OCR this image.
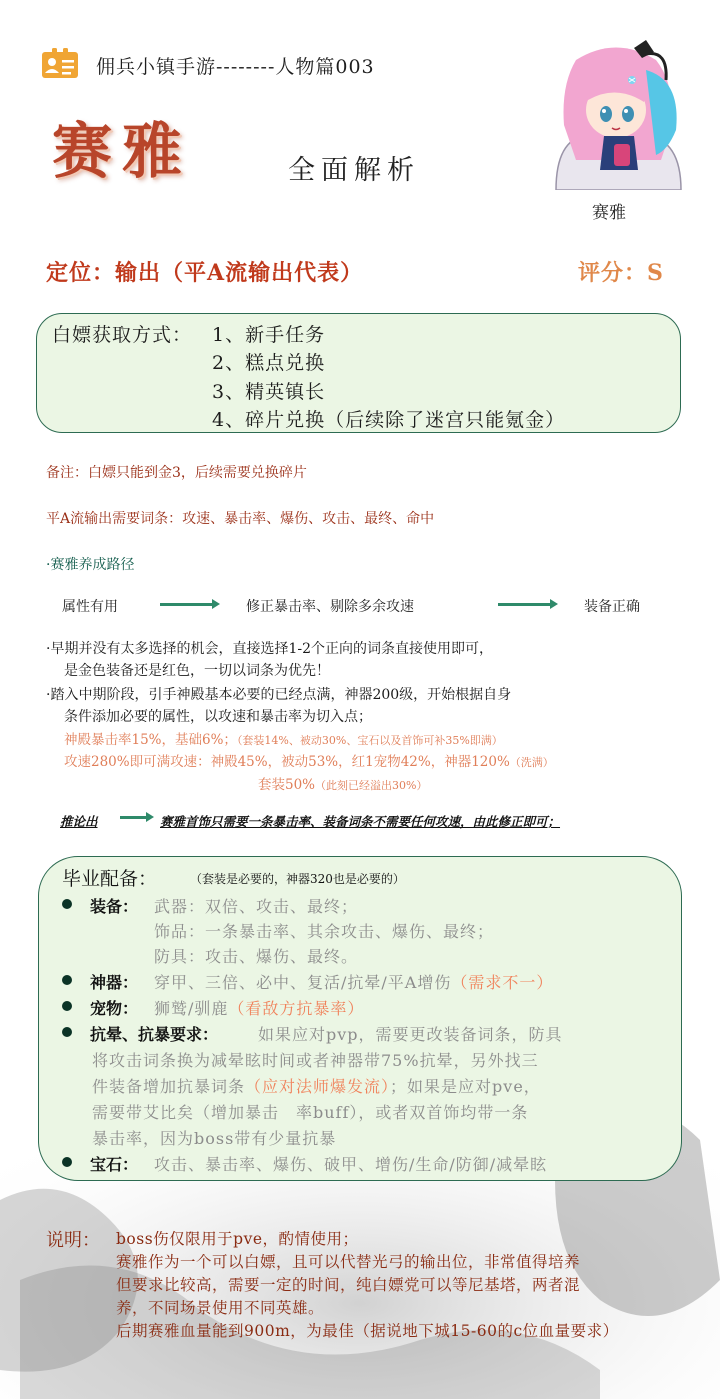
佣兵小镇手游--------人物篇003
赛雅	全面解析
赛雅
定位：输出（平A流输出代表）	评分：S
白嫖获取方式： 1、新手任务
2、糕点兑换
3、精英镇长
4、碎片兑换（后续除了迷宫只能氪金）
备注：白嫖只能到金3，后续需要兑换碎片
平A流输出需要词条：攻速、暴击率、爆伤、攻击、最终、命中
·赛雅养成路径
属性有用	修正暴击率、剔除多余攻速	装备正确
·早期并没有太多选择的机会，直接选择1-2个正向的词条直接使用即可，
是金色装备还是红色，一切以词条为优先！
·踏入中期阶段，引手神殿基本必要的已经点满，神器200级，开始根据自身
条件添加必要的属性，以攻速和暴击率为切入点；
神殿暴击率15%，基础6%；（套装14%、被动30%、宝石以及首饰可补35%即满）
攻速280%即可满攻速：神殿45%，被动53%，红1宠物42%，神器120%（洗满）
套装50%（此刻已经溢出30%）
推论出	赛雅首饰只需要一条暴击率、装备词条不需要任何攻速，由此修正即可；
毕业配备：	（套装是必要的，神器320也是必要的）
装备： 武器：双倍、攻击、最终；
饰品：一条暴击率、其余攻击、爆伤、最终；
防具：攻击、爆伤、最终。
神器： 穿甲、三倍、必中、复活/抗晕/平A增伤（需求不一）
宠物： 狮鹫/驯鹿（看敌方抗暴率）
抗晕、抗暴要求： 如果应对pvp，需要更改装备词条，防具
将攻击词条换为减晕眩时间或者神器带75%抗晕，另外找三
件装备增加抗暴词条（应对法师爆发流）；如果是应对pve，
需要带艾比矣（增加暴击　率buff），或者双首饰均带一条
暴击率，因为boss带有少量抗暴
宝石： 攻击、暴击率、爆伤、破甲、增伤/生命/防御/减晕眩
说明： boss伤仅限用于pve，酌情使用；
赛雅作为一个可以白嫖，且可以代替光弓的输出位，非常值得培养
但要求比较高，需要一定的时间，纯白嫖党可以等尼基塔，两者混
养，不同场景使用不同英雄。
后期赛雅血量能到900m，为最佳（据说地下城15-60的c位血量要求）
